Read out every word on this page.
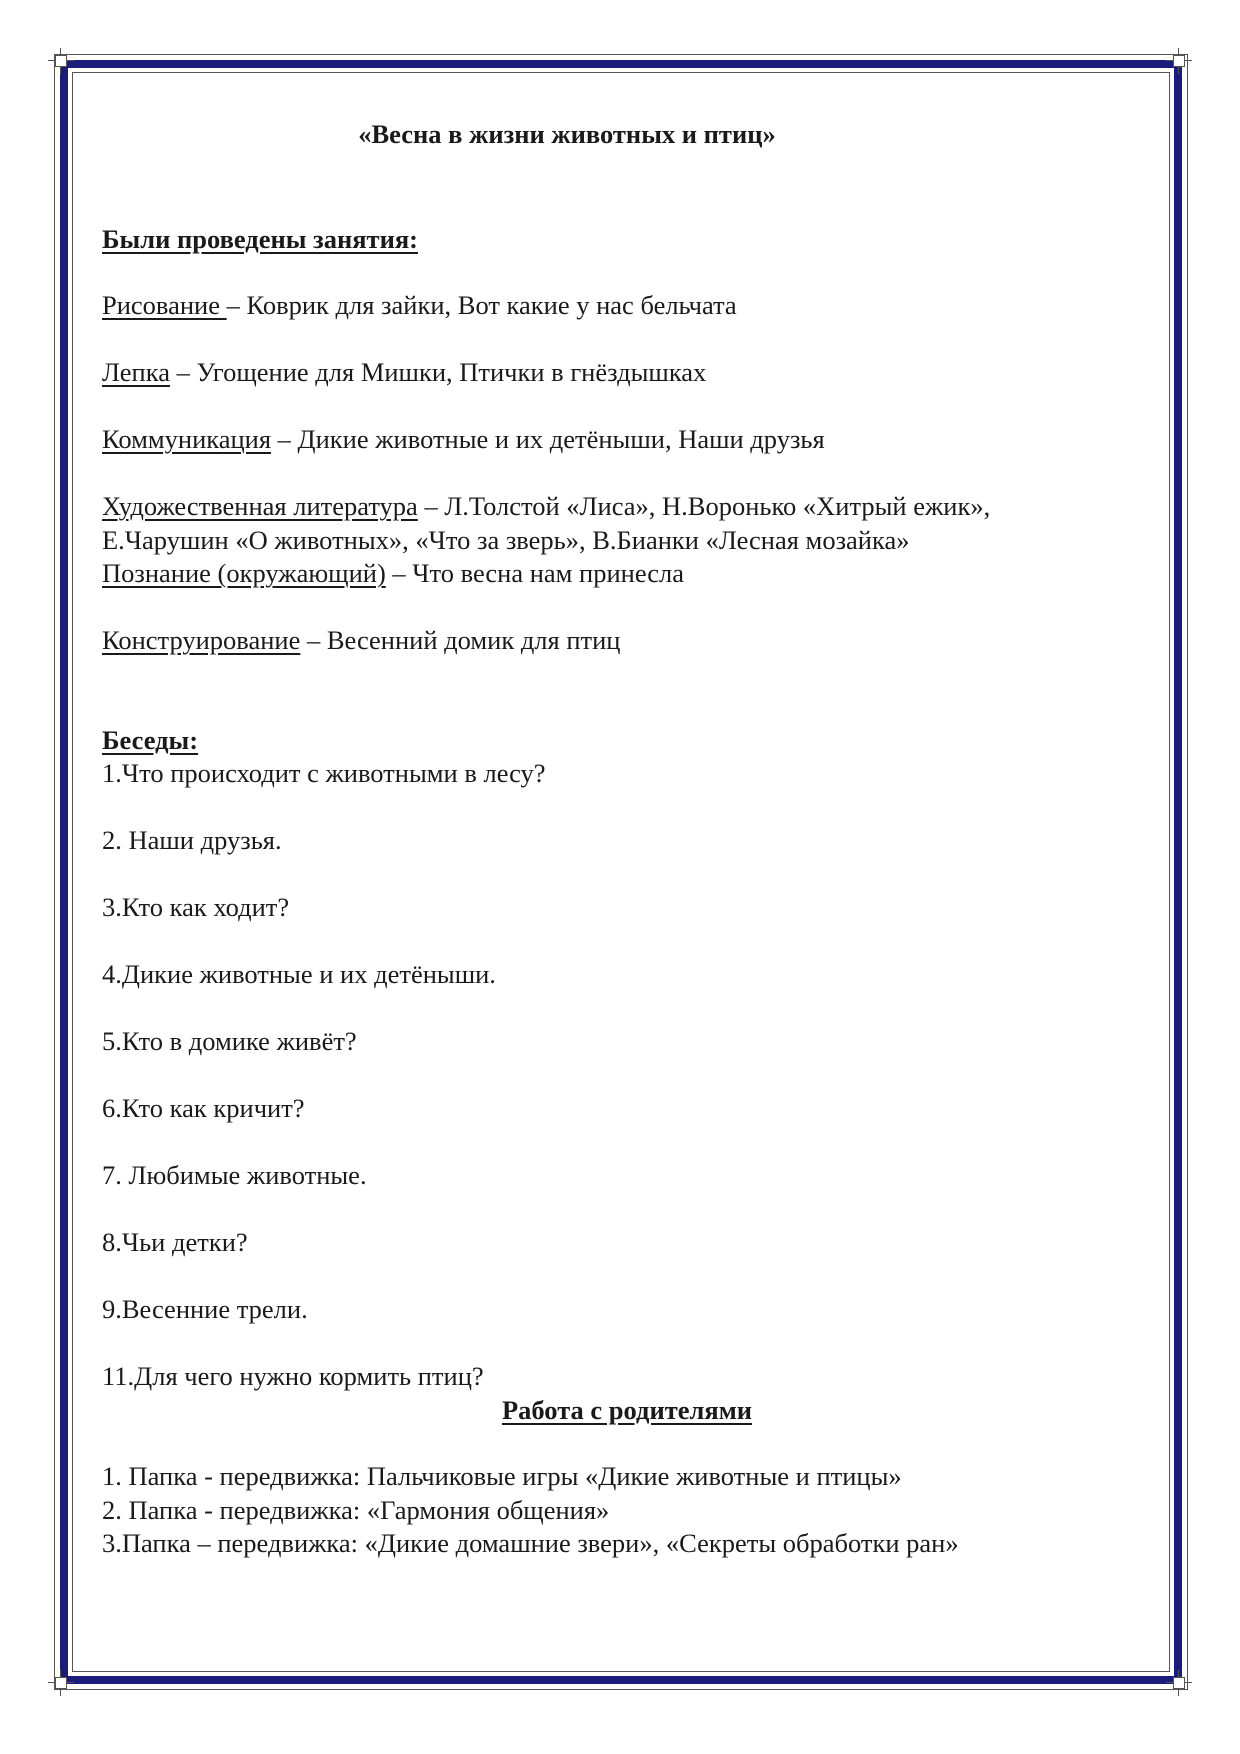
«Весна в жизни животных и птиц»
Были проведены занятия:
Рисование – Коврик для зайки, Вот какие у нас бельчата
Лепка – Угощение для Мишки, Птички в гнёздышках
Коммуникация – Дикие животные и их детёныши, Наши друзья
Художественная литература – Л.Толстой «Лиса», Н.Воронько «Хитрый ежик»,
Е.Чарушин «О животных», «Что за зверь», В.Бианки «Лесная мозайка»
Познание (окружающий) – Что весна нам принесла
Конструирование – Весенний домик для птиц
Беседы:
1.Что происходит с животными в лесу?
2. Наши друзья.
3.Кто как ходит?
4.Дикие животные и их детёныши.
5.Кто в домике живёт?
6.Кто как кричит?
7. Любимые животные.
8.Чьи детки?
9.Весенние трели.
11.Для чего нужно кормить птиц?
Работа с родителями
1. Папка - передвижка: Пальчиковые игры «Дикие животные и птицы»
2. Папка - передвижка: «Гармония общения»
3.Папка – передвижка: «Дикие домашние звери», «Секреты обработки ран»
